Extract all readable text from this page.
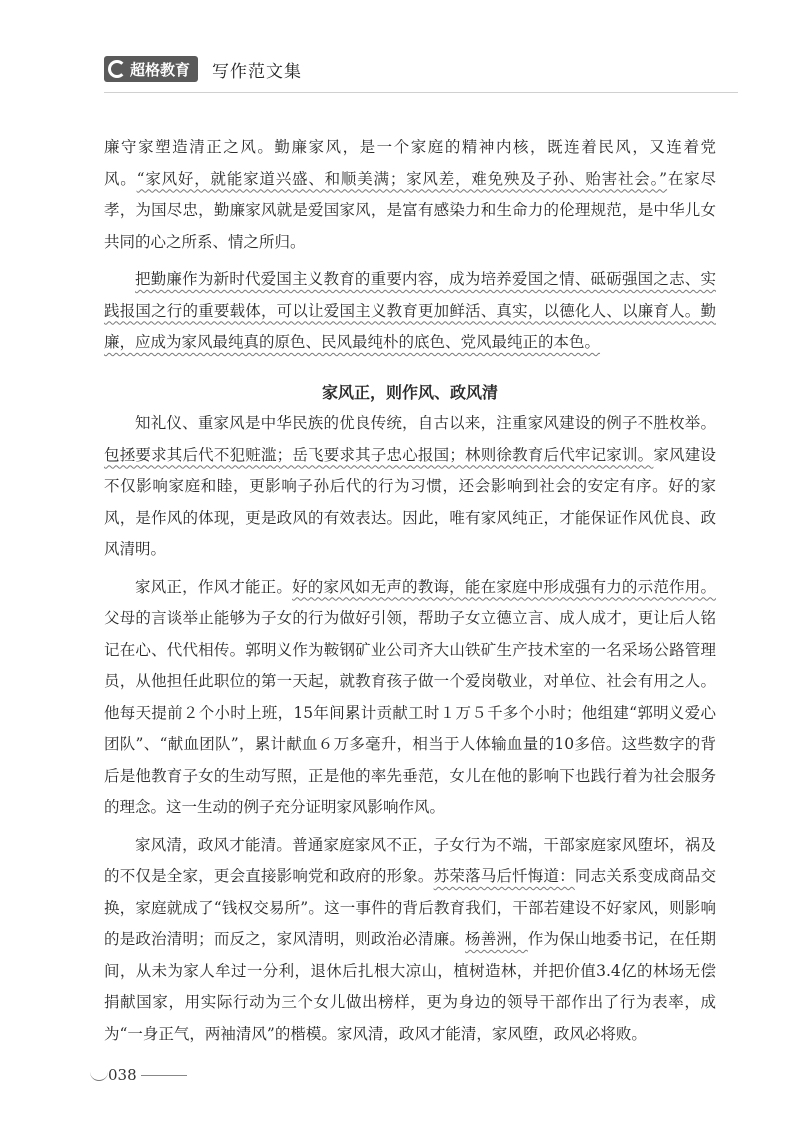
超格教育 写作范文集

廉守家塑造清正之风。勤廉家风，是一个家庭的精神内核，既连着民风，又连着党风。“家风好，就能家道兴盛、和顺美满；家风差，难免殃及子孙、贻害社会。”在家尽孝，为国尽忠，勤廉家风就是爱国家风，是富有感染力和生命力的伦理规范，是中华儿女共同的心之所系、情之所归。

把勤廉作为新时代爱国主义教育的重要内容，成为培养爱国之情、砥砺强国之志、实践报国之行的重要载体，可以让爱国主义教育更加鲜活、真实，以德化人、以廉育人。勤廉，应成为家风最纯真的原色、民风最纯朴的底色、党风最纯正的本色。

家风正，则作风、政风清

知礼仪、重家风是中华民族的优良传统，自古以来，注重家风建设的例子不胜枚举。包拯要求其后代不犯赃滥；岳飞要求其子忠心报国；林则徐教育后代牢记家训。家风建设不仅影响家庭和睦，更影响子孙后代的行为习惯，还会影响到社会的安定有序。好的家风，是作风的体现，更是政风的有效表达。因此，唯有家风纯正，才能保证作风优良、政风清明。

家风正，作风才能正。好的家风如无声的教诲，能在家庭中形成强有力的示范作用。父母的言谈举止能够为子女的行为做好引领，帮助子女立德立言、成人成才，更让后人铭记在心、代代相传。郭明义作为鞍钢矿业公司齐大山铁矿生产技术室的一名采场公路管理员，从他担任此职位的第一天起，就教育孩子做一个爱岗敬业，对单位、社会有用之人。他每天提前２个小时上班，15年间累计贡献工时１万５千多个小时；他组建“郭明义爱心团队”、“献血团队”，累计献血６万多毫升，相当于人体输血量的10多倍。这些数字的背后是他教育子女的生动写照，正是他的率先垂范，女儿在他的影响下也践行着为社会服务的理念。这一生动的例子充分证明家风影响作风。

家风清，政风才能清。普通家庭家风不正，子女行为不端，干部家庭家风堕坏，祸及的不仅是全家，更会直接影响党和政府的形象。苏荣落马后忏悔道：同志关系变成商品交换，家庭就成了“钱权交易所”。这一事件的背后教育我们，干部若建设不好家风，则影响的是政治清明；而反之，家风清明，则政治必清廉。杨善洲，作为保山地委书记，在任期间，从未为家人牟过一分利，退休后扎根大凉山，植树造林，并把价值3.4亿的林场无偿捐献国家，用实际行动为三个女儿做出榜样，更为身边的领导干部作出了行为表率，成为“一身正气，两袖清风”的楷模。家风清，政风才能清，家风堕，政风必将败。

038
